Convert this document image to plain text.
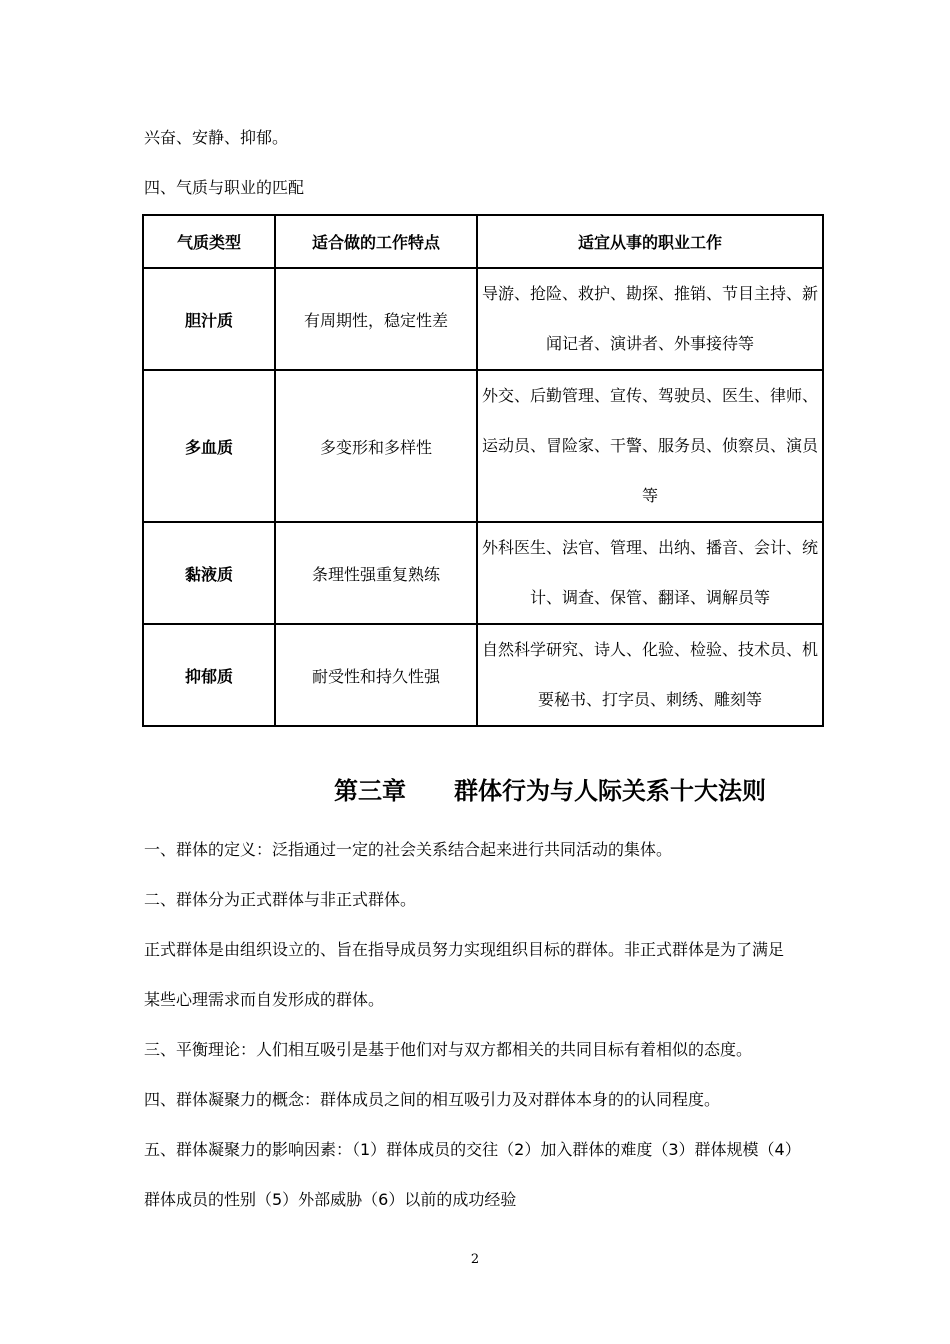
兴奋、安静、抑郁。

四、气质与职业的匹配

气质类型	适合做的工作特点	适宜从事的职业工作
胆汁质	有周期性，稳定性差	导游、抢险、救护、勘探、推销、节目主持、新闻记者、演讲者、外事接待等
多血质	多变形和多样性	外交、后勤管理、宣传、驾驶员、医生、律师、运动员、冒险家、干警、服务员、侦察员、演员等
黏液质	条理性强重复熟练	外科医生、法官、管理、出纳、播音、会计、统计、调查、保管、翻译、调解员等
抑郁质	耐受性和持久性强	自然科学研究、诗人、化验、检验、技术员、机要秘书、打字员、刺绣、雕刻等
第三章　　群体行为与人际关系十大法则

一、群体的定义：泛指通过一定的社会关系结合起来进行共同活动的集体。

二、群体分为正式群体与非正式群体。

正式群体是由组织设立的、旨在指导成员努力实现组织目标的群体。非正式群体是为了满足

某些心理需求而自发形成的群体。

三、平衡理论：人们相互吸引是基于他们对与双方都相关的共同目标有着相似的态度。

四、群体凝聚力的概念：群体成员之间的相互吸引力及对群体本身的的认同程度。

五、群体凝聚力的影响因素：（1）群体成员的交往（2）加入群体的难度（3）群体规模（4）

群体成员的性别（5）外部威胁（6）以前的成功经验

2
